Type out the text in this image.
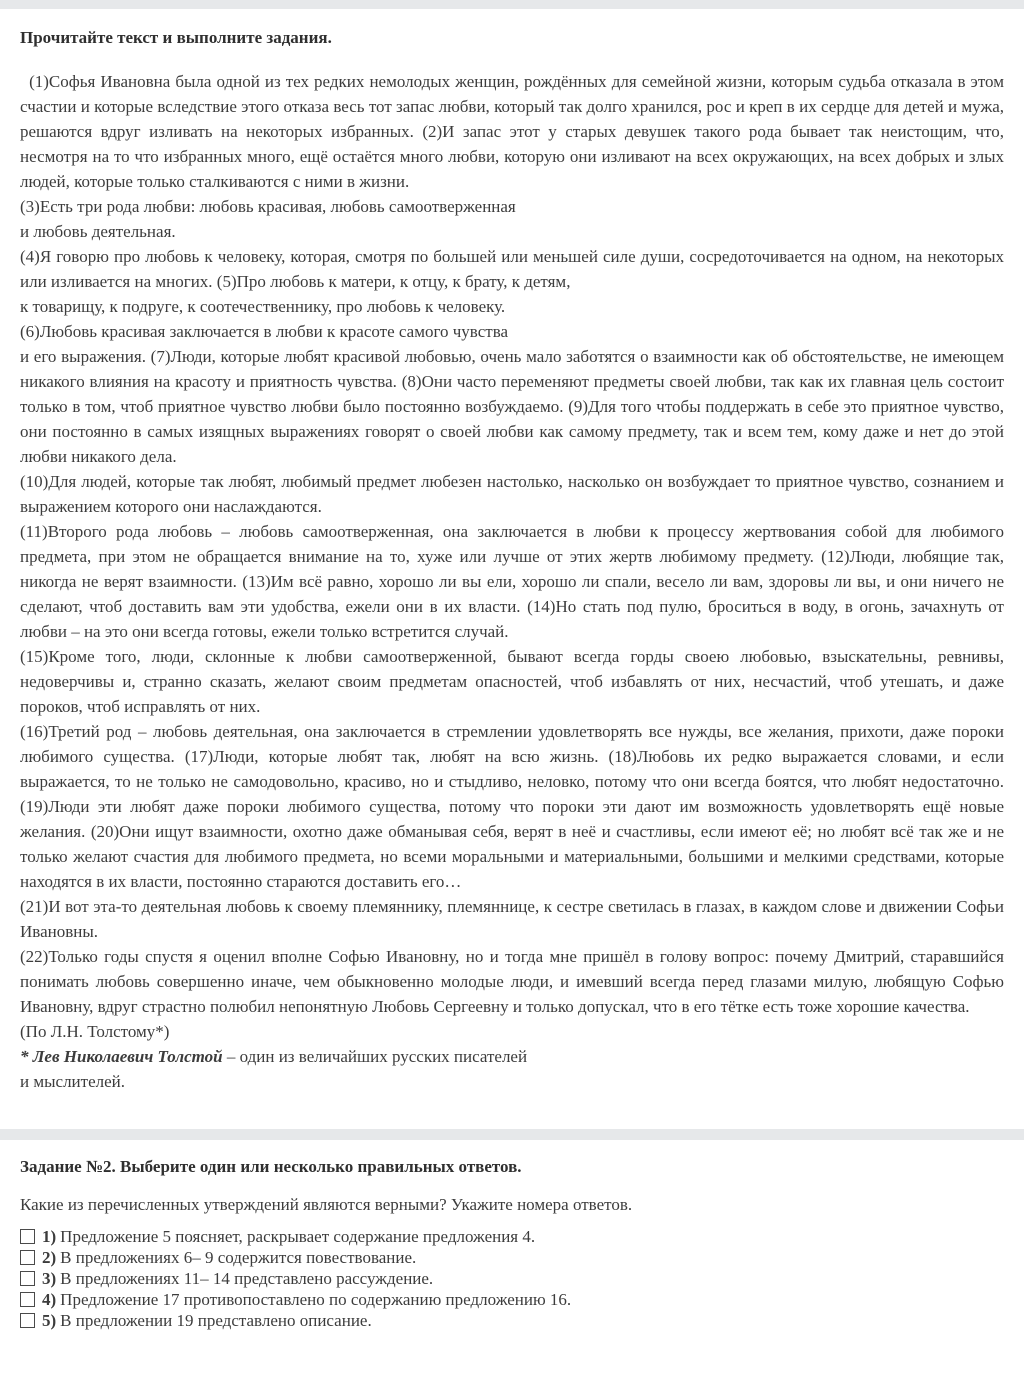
Прочитайте текст и выполните задания.

(1)Софья Ивановна была одной из тех редких немолодых женщин, рождённых для семейной жизни, которым судьба отказала в этом счастии и которые вследствие этого отказа весь тот запас любви, который так долго хранился, рос и креп в их сердце для детей и мужа, решаются вдруг изливать на некоторых избранных. (2)И запас этот у старых девушек такого рода бывает так неистощим, что, несмотря на то что избранных много, ещё остаётся много любви, которую они изливают на всех окружающих, на всех добрых и злых людей, которые только сталкиваются с ними в жизни.

(3)Есть три рода любви: любовь красивая, любовь самоотверженная

и любовь деятельная.

(4)Я говорю про любовь к человеку, которая, смотря по большей или меньшей силе души, сосредоточивается на одном, на некоторых или изливается на многих. (5)Про любовь к матери, к отцу, к брату, к детям,

к товарищу, к подруге, к соотечественнику, про любовь к человеку.

(6)Любовь красивая заключается в любви к красоте самого чувства

и его выражения. (7)Люди, которые любят красивой любовью, очень мало заботятся о взаимности как об обстоятельстве, не имеющем никакого влияния на красоту и приятность чувства. (8)Они часто переменяют предметы своей любви, так как их главная цель состоит только в том, чтоб приятное чувство любви было постоянно возбуждаемо. (9)Для того чтобы поддержать в себе это приятное чувство, они постоянно в самых изящных выражениях говорят о своей любви как самому предмету, так и всем тем, кому даже и нет до этой любви никакого дела.

(10)Для людей, которые так любят, любимый предмет любезен настолько, насколько он возбуждает то приятное чувство, сознанием и выражением которого они наслаждаются.

(11)Второго рода любовь – любовь самоотверженная, она заключается в любви к процессу жертвования собой для любимого предмета, при этом не обращается внимание на то, хуже или лучше от этих жертв любимому предмету. (12)Люди, любящие так, никогда не верят взаимности. (13)Им всё равно, хорошо ли вы ели, хорошо ли спали, весело ли вам, здоровы ли вы, и они ничего не сделают, чтоб доставить вам эти удобства, ежели они в их власти. (14)Но стать под пулю, броситься в воду, в огонь, зачахнуть от любви – на это они всегда готовы, ежели только встретится случай.

(15)Кроме того, люди, склонные к любви самоотверженной, бывают всегда горды своею любовью, взыскательны, ревнивы, недоверчивы и, странно сказать, желают своим предметам опасностей, чтоб избавлять от них, несчастий, чтоб утешать, и даже пороков, чтоб исправлять от них.

(16)Третий род – любовь деятельная, она заключается в стремлении удовлетворять все нужды, все желания, прихоти, даже пороки любимого существа. (17)Люди, которые любят так, любят на всю жизнь. (18)Любовь их редко выражается словами, и если выражается, то не только не самодовольно, красиво, но и стыдливо, неловко, потому что они всегда боятся, что любят недостаточно. (19)Люди эти любят даже пороки любимого существа, потому что пороки эти дают им возможность удовлетворять ещё новые желания. (20)Они ищут взаимности, охотно даже обманывая себя, верят в неё и счастливы, если имеют её; но любят всё так же и не только желают счастия для любимого предмета, но всеми моральными и материальными, большими и мелкими средствами, которые находятся в их власти, постоянно стараются доставить его…

(21)И вот эта-то деятельная любовь к своему племяннику, племяннице, к сестре светилась в глазах, в каждом слове и движении Софьи Ивановны.

(22)Только годы спустя я оценил вполне Софью Ивановну, но и тогда мне пришёл в голову вопрос: почему Дмитрий, старавшийся понимать любовь совершенно иначе, чем обыкновенно молодые люди, и имевший всегда перед глазами милую, любящую Софью Ивановну, вдруг страстно полюбил непонятную Любовь Сергеевну и только допускал, что в его тётке есть тоже хорошие качества.

(По Л.Н. Толстому*)

* Лев Николаевич Толстой – один из величайших русских писателей

и мыслителей.

Задание №2. Выберите один или несколько правильных ответов.

Какие из перечисленных утверждений являются верными? Укажите номера ответов.

1) Предложение 5 поясняет, раскрывает содержание предложения 4.
2) В предложениях 6– 9 содержится повествование.
3) В предложениях 11– 14 представлено рассуждение.
4) Предложение 17 противопоставлено по содержанию предложению 16.
5) В предложении 19 представлено описание.
